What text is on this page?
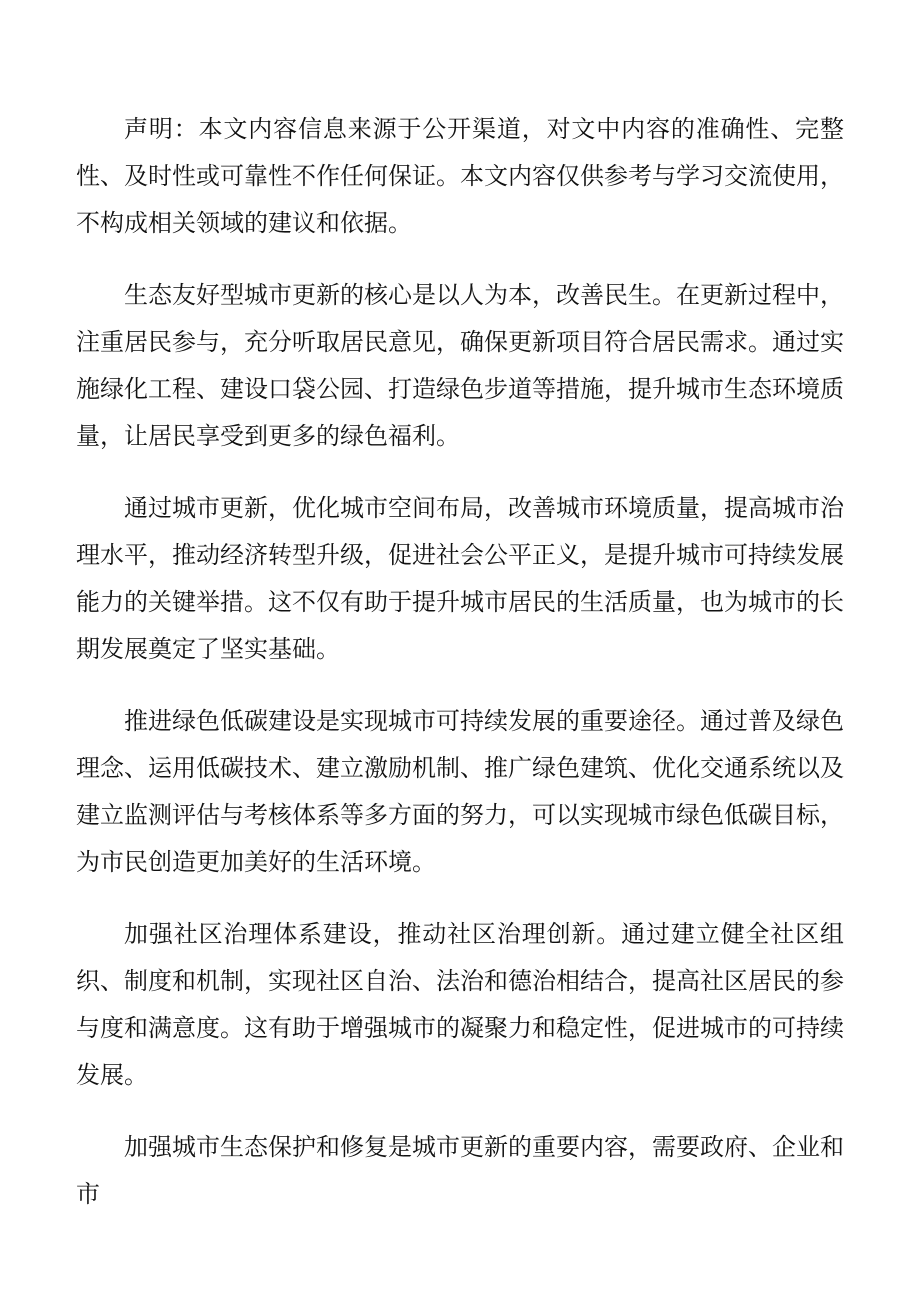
声明：本文内容信息来源于公开渠道，对文中内容的准确性、完整性、及时性或可靠性不作任何保证。本文内容仅供参考与学习交流使用，不构成相关领域的建议和依据。

生态友好型城市更新的核心是以人为本，改善民生。在更新过程中，注重居民参与，充分听取居民意见，确保更新项目符合居民需求。通过实施绿化工程、建设口袋公园、打造绿色步道等措施，提升城市生态环境质量，让居民享受到更多的绿色福利。

通过城市更新，优化城市空间布局，改善城市环境质量，提高城市治理水平，推动经济转型升级，促进社会公平正义，是提升城市可持续发展能力的关键举措。这不仅有助于提升城市居民的生活质量，也为城市的长期发展奠定了坚实基础。

推进绿色低碳建设是实现城市可持续发展的重要途径。通过普及绿色理念、运用低碳技术、建立激励机制、推广绿色建筑、优化交通系统以及建立监测评估与考核体系等多方面的努力，可以实现城市绿色低碳目标，为市民创造更加美好的生活环境。

加强社区治理体系建设，推动社区治理创新。通过建立健全社区组织、制度和机制，实现社区自治、法治和德治相结合，提高社区居民的参与度和满意度。这有助于增强城市的凝聚力和稳定性，促进城市的可持续发展。

加强城市生态保护和修复是城市更新的重要内容，需要政府、企业和市
